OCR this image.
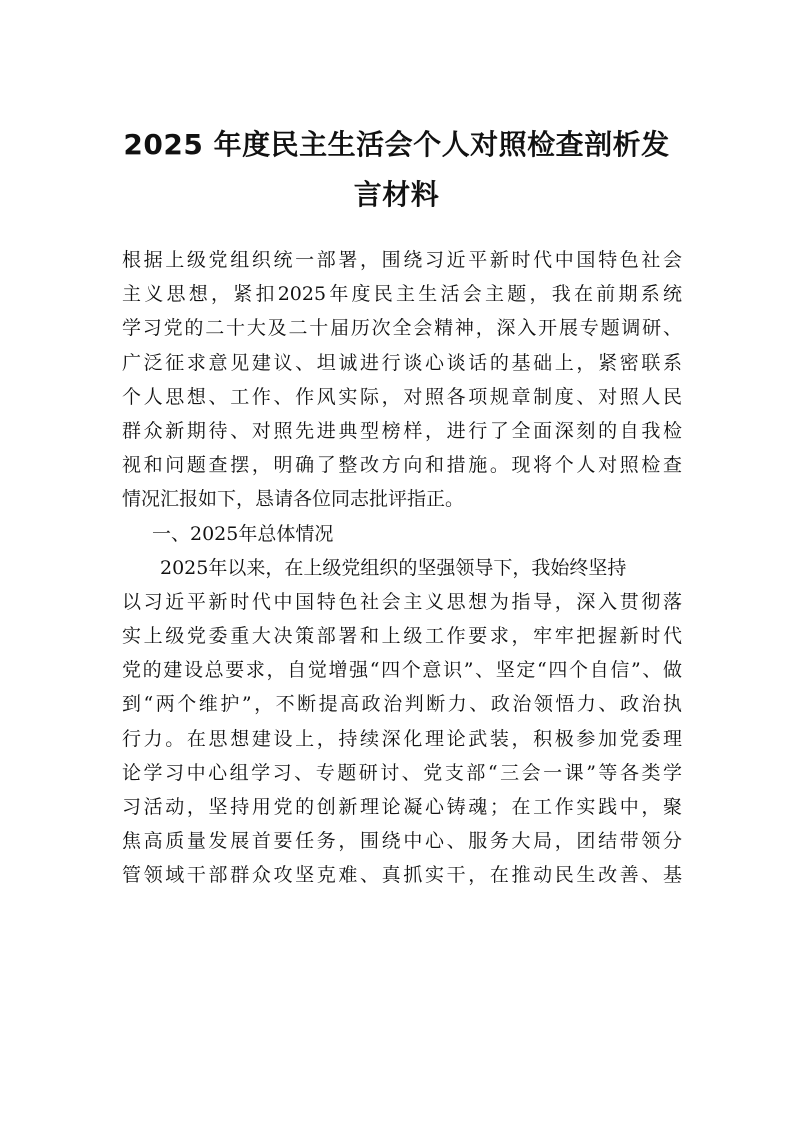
2025 年度民主生活会个人对照检查剖析发
言材料
根据上级党组织统一部署，围绕习近平新时代中国特色社会
主义思想，紧扣2025年度民主生活会主题，我在前期系统
学习党的二十大及二十届历次全会精神，深入开展专题调研、
广泛征求意见建议、坦诚进行谈心谈话的基础上，紧密联系
个人思想、工作、作风实际，对照各项规章制度、对照人民
群众新期待、对照先进典型榜样，进行了全面深刻的自我检
视和问题查摆，明确了整改方向和措施。现将个人对照检查
情况汇报如下，恳请各位同志批评指正。
一、2025年总体情况
2025年以来，在上级党组织的坚强领导下，我始终坚持
以习近平新时代中国特色社会主义思想为指导，深入贯彻落
实上级党委重大决策部署和上级工作要求，牢牢把握新时代
党的建设总要求，自觉增强“四个意识”、坚定“四个自信”、做
到“两个维护”，不断提高政治判断力、政治领悟力、政治执
行力。在思想建设上，持续深化理论武装，积极参加党委理
论学习中心组学习、专题研讨、党支部“三会一课”等各类学
习活动，坚持用党的创新理论凝心铸魂；在工作实践中，聚
焦高质量发展首要任务，围绕中心、服务大局，团结带领分
管领域干部群众攻坚克难、真抓实干，在推动民生改善、基
